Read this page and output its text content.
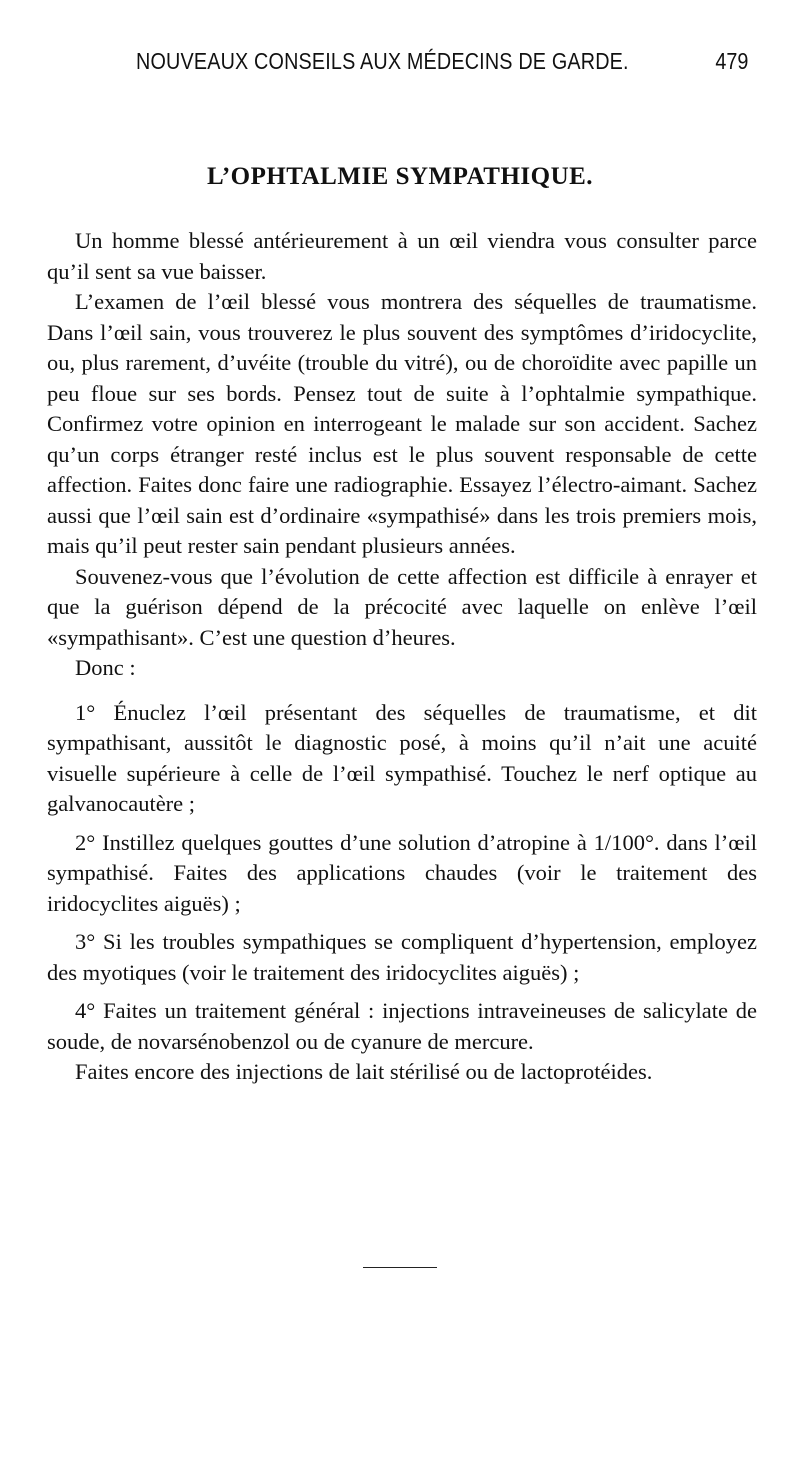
NOUVEAUX CONSEILS AUX MÉDECINS DE GARDE.	479
L’OPHTALMIE SYMPATHIQUE.

Un homme blessé antérieurement à un œil viendra vous consulter parce qu’il sent sa vue baisser.

L’examen de l’œil blessé vous montrera des séquelles de traumatisme. Dans l’œil sain, vous trouverez le plus souvent des symptômes d’iridocyclite, ou, plus rarement, d’uvéite (trouble du vitré), ou de choroïdite avec papille un peu floue sur ses bords. Pensez tout de suite à l’ophtalmie sympathique. Confirmez votre opinion en interrogeant le malade sur son accident. Sachez qu’un corps étranger resté inclus est le plus souvent responsable de cette affection. Faites donc faire une radiographie. Essayez l’électro-aimant. Sachez aussi que l’œil sain est d’ordinaire «sympathisé» dans les trois premiers mois, mais qu’il peut rester sain pendant plusieurs années.

Souvenez-vous que l’évolution de cette affection est difficile à enrayer et que la guérison dépend de la précocité avec laquelle on enlève l’œil «sympathisant». C’est une question d’heures.

Donc :

1° Énuclez l’œil présentant des séquelles de traumatisme, et dit sympathisant, aussitôt le diagnostic posé, à moins qu’il n’ait une acuité visuelle supérieure à celle de l’œil sympathisé. Touchez le nerf optique au galvanocautère ;

2° Instillez quelques gouttes d’une solution d’atropine à 1/100°. dans l’œil sympathisé. Faites des applications chaudes (voir le traitement des iridocyclites aiguës) ;

3° Si les troubles sympathiques se compliquent d’hypertension, employez des myotiques (voir le traitement des iridocyclites aiguës) ;

4° Faites un traitement général : injections intraveineuses de salicylate de soude, de novarsénobenzol ou de cyanure de mercure.

Faites encore des injections de lait stérilisé ou de lactoprotéides.
